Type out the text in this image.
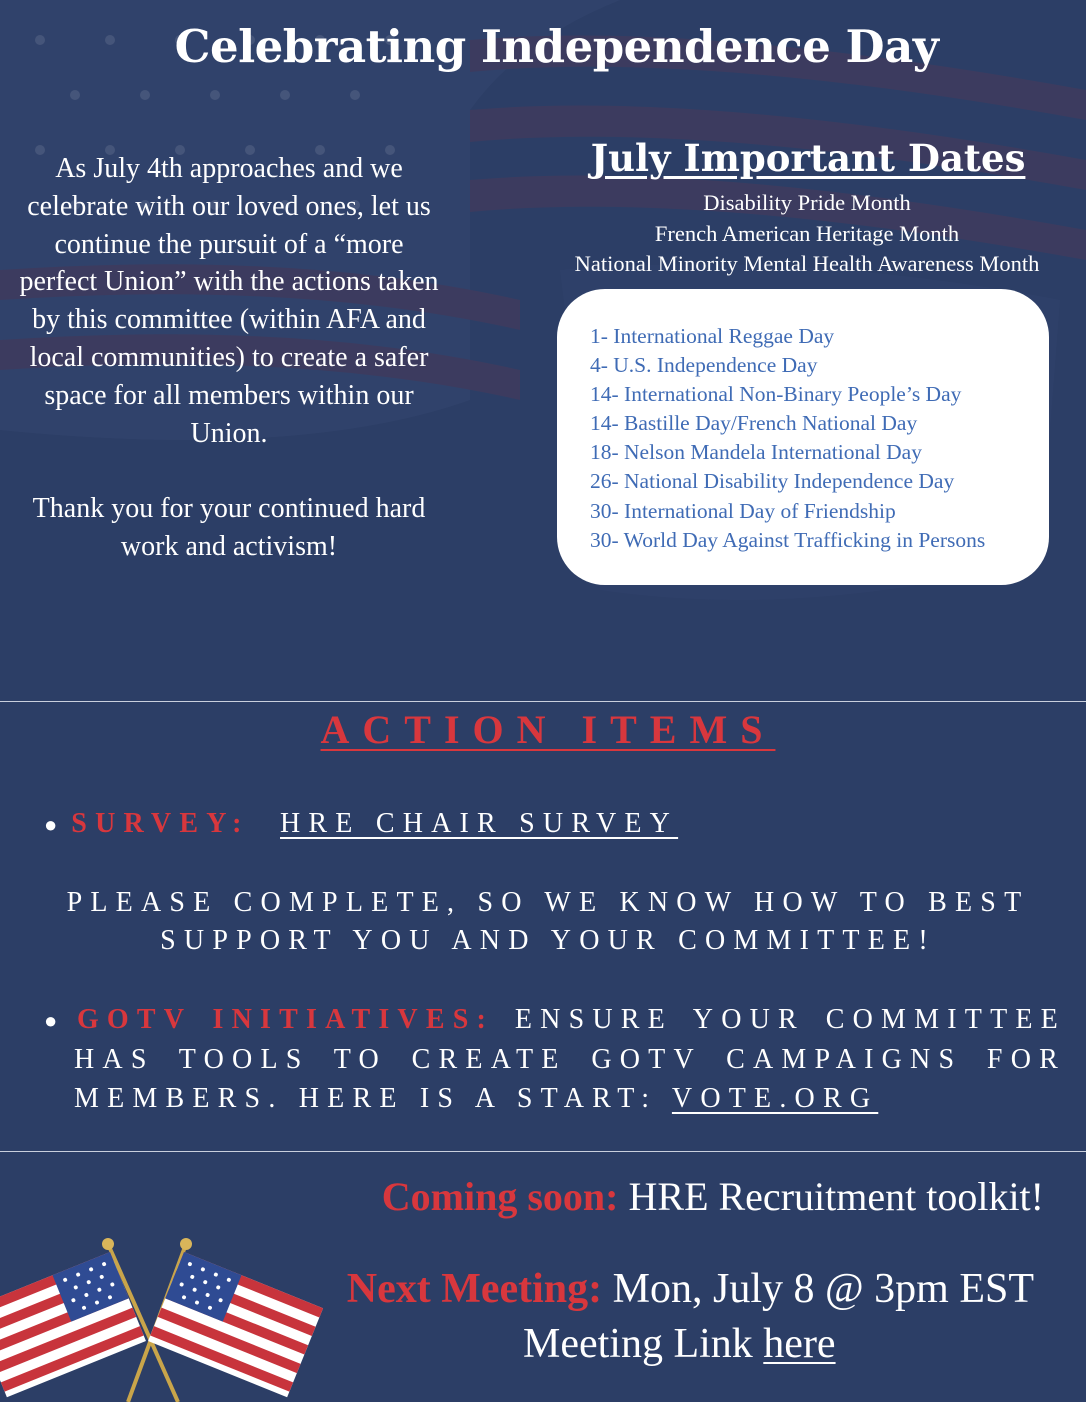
Celebrating Independence Day

As July 4th approaches and we celebrate with our loved ones, let us continue the pursuit of a “more perfect Union” with the actions taken by this committee (within AFA and local communities) to create a safer space for all members within our Union.

Thank you for your continued hard work and activism!

July Important Dates
Disability Pride Month
French American Heritage Month
National Minority Mental Health Awareness Month
1- International Reggae Day
4- U.S. Independence Day
14- International Non-Binary People’s Day
14- Bastille Day/French National Day
18- Nelson Mandela International Day
26- National Disability Independence Day
30- International Day of Friendship
30- World Day Against Trafficking in Persons
ACTION ITEMS
● SURVEY: HRE CHAIR SURVEY
PLEASE COMPLETE, SO WE KNOW HOW TO BEST
SUPPORT YOU AND YOUR COMMITTEE!
● GOTV INITIATIVES: ENSURE YOUR COMMITTEE
HAS TOOLS TO CREATE GOTV CAMPAIGNS FOR
MEMBERS. HERE IS A START: VOTE.ORG
Coming soon: HRE Recruitment toolkit!
Next Meeting: Mon, July 8 @ 3pm EST
Meeting Link here
